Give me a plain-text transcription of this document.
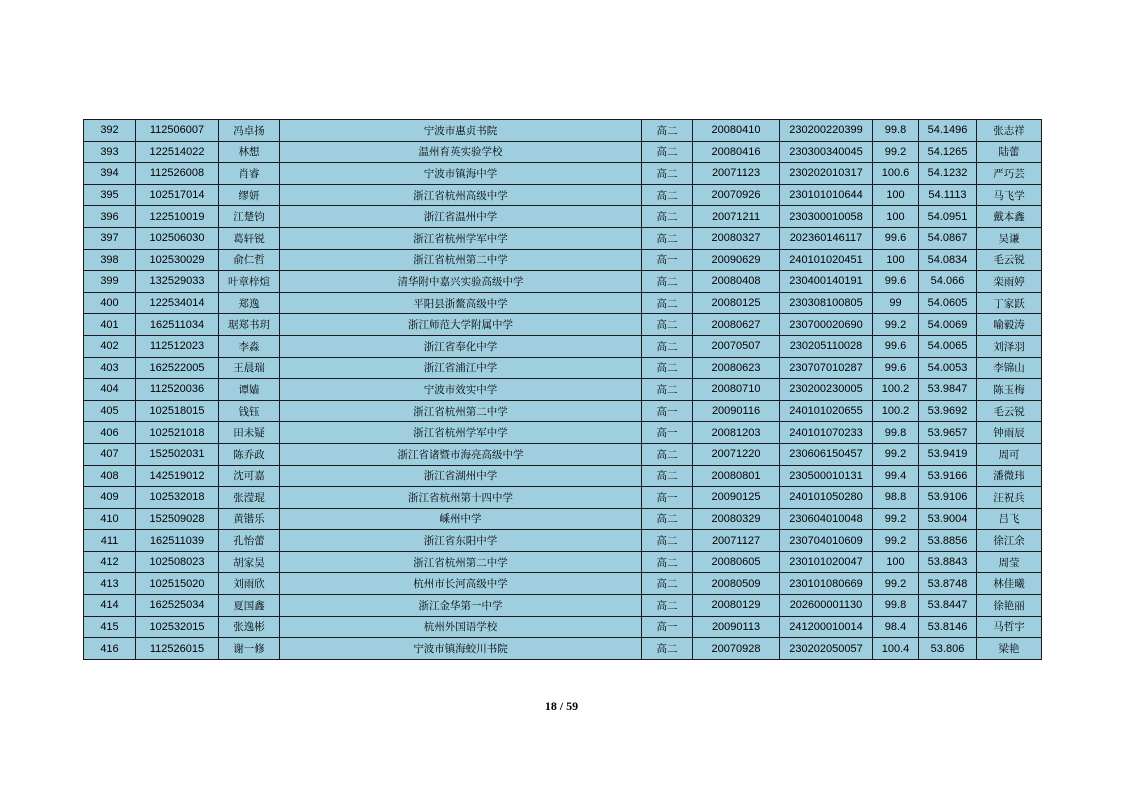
392	112506007	冯卓扬	宁波市惠贞书院	高二	20080410	230200220399	99.8	54.1496	张志祥
393	122514022	林想	温州育英实验学校	高二	20080416	230300340045	99.2	54.1265	陆蕾
394	112526008	肖睿	宁波市镇海中学	高二	20071123	230202010317	100.6	54.1232	严巧芸
395	102517014	缪妍	浙江省杭州高级中学	高二	20070926	230101010644	100	54.1113	马飞学
396	122510019	江楚钧	浙江省温州中学	高二	20071211	230300010058	100	54.0951	戴本鑫
397	102506030	葛轩锐	浙江省杭州学军中学	高二	20080327	202360146117	99.6	54.0867	吴谦
398	102530029	俞仁哲	浙江省杭州第二中学	高一	20090629	240101020451	100	54.0834	毛云锐
399	132529033	叶章梓煊	清华附中嘉兴实验高级中学	高二	20080408	230400140191	99.6	54.066	栾雨婷
400	122534014	郑逸	平阳县浙鳌高级中学	高二	20080125	230308100805	99	54.0605	丁家跃
401	162511034	琚郑书玥	浙江师范大学附属中学	高二	20080627	230700020690	99.2	54.0069	喻毅涛
402	112512023	李淼	浙江省奉化中学	高二	20070507	230205110028	99.6	54.0065	刘泽羽
403	162522005	王晨瑞	浙江省浦江中学	高二	20080623	230707010287	99.6	54.0053	李锦山
404	112520036	谭嫱	宁波市效实中学	高二	20080710	230200230005	100.2	53.9847	陈玉梅
405	102518015	钱钰	浙江省杭州第二中学	高一	20090116	240101020655	100.2	53.9692	毛云锐
406	102521018	田未疑	浙江省杭州学军中学	高一	20081203	240101070233	99.8	53.9657	钟雨辰
407	152502031	陈乔政	浙江省诸暨市海亮高级中学	高二	20071220	230606150457	99.2	53.9419	周可
408	142519012	沈可嘉	浙江省湖州中学	高二	20080801	230500010131	99.4	53.9166	潘微玮
409	102532018	张滢琨	浙江省杭州第十四中学	高一	20090125	240101050280	98.8	53.9106	汪祝兵
410	152509028	黄锴乐	嵊州中学	高二	20080329	230604010048	99.2	53.9004	吕飞
411	162511039	孔怡蕾	浙江省东阳中学	高二	20071127	230704010609	99.2	53.8856	徐江余
412	102508023	胡家昊	浙江省杭州第二中学	高二	20080605	230101020047	100	53.8843	周莹
413	102515020	刘雨欣	杭州市长河高级中学	高二	20080509	230101080669	99.2	53.8748	林佳曦
414	162525034	夏国鑫	浙江金华第一中学	高二	20080129	202600001130	99.8	53.8447	徐艳丽
415	102532015	张逸彬	杭州外国语学校	高一	20090113	241200010014	98.4	53.8146	马哲宇
416	112526015	谢一修	宁波市镇海蛟川书院	高二	20070928	230202050057	100.4	53.806	梁艳
18 / 59
